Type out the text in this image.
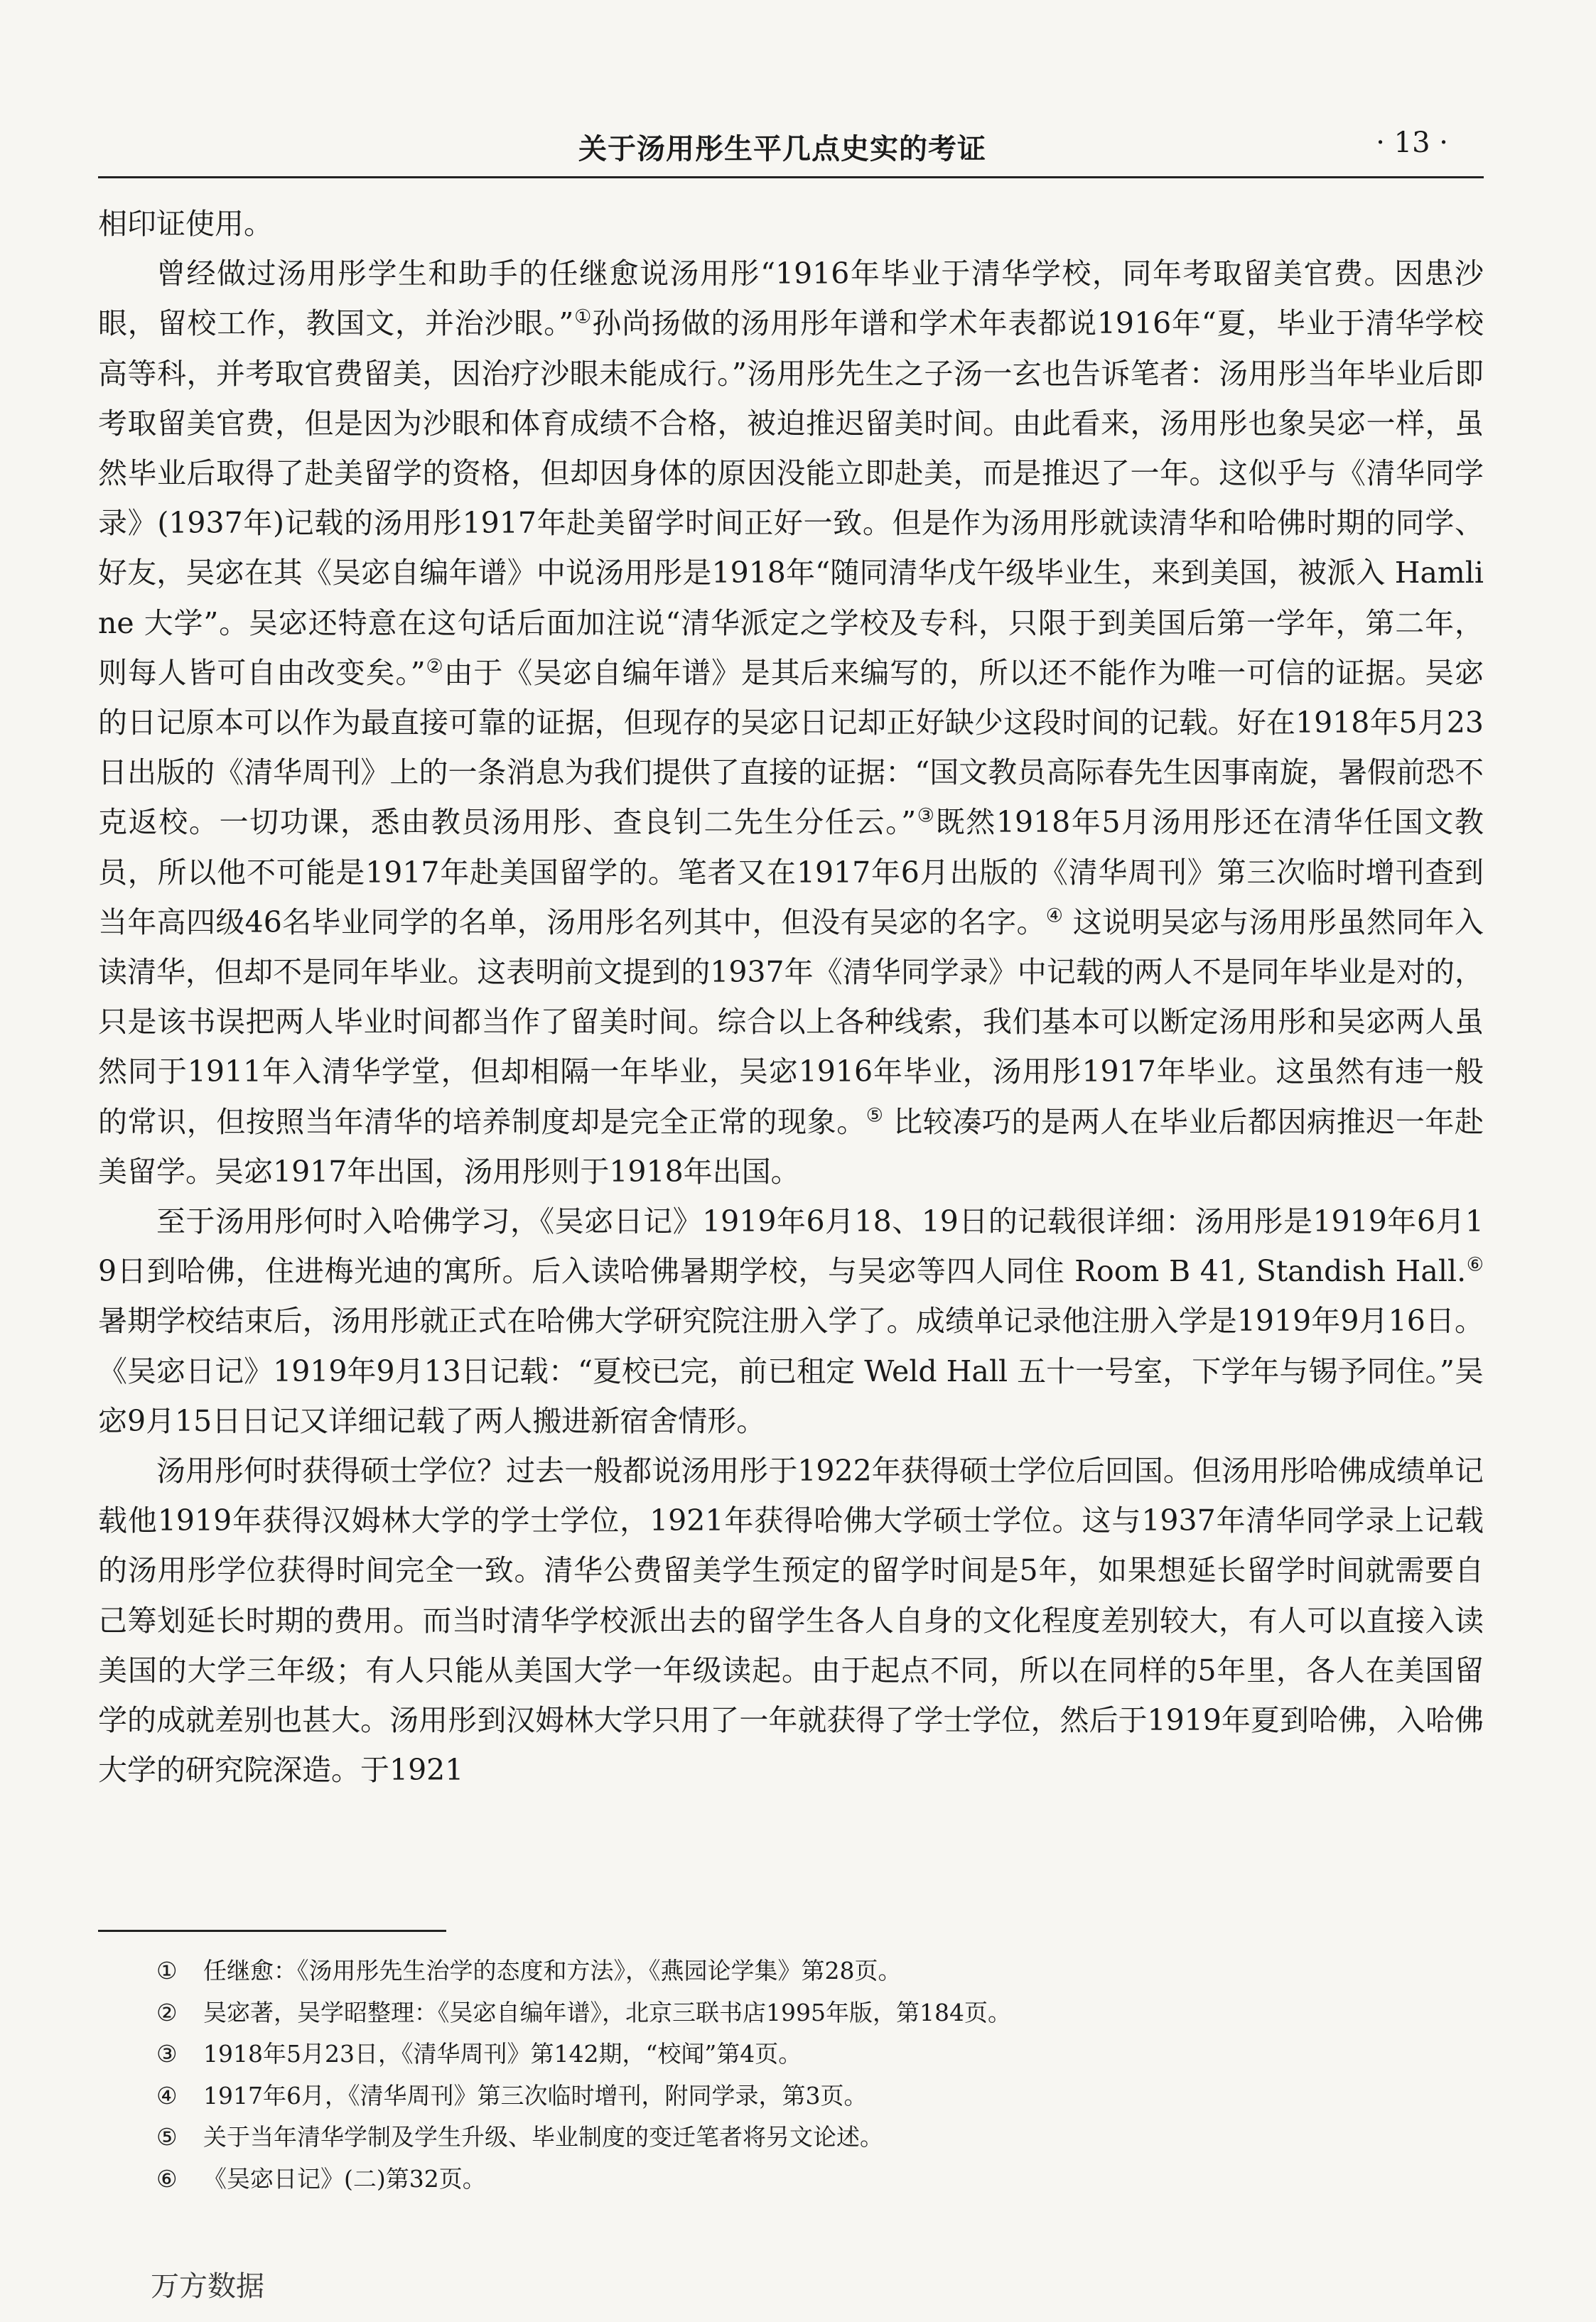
关于汤用彤生平几点史实的考证	· 13 ·

相印证使用。

曾经做过汤用彤学生和助手的任继愈说汤用彤“1916年毕业于清华学校，同年考取留美官费。因患沙眼，留校工作，教国文，并治沙眼。”①孙尚扬做的汤用彤年谱和学术年表都说1916年“夏，毕业于清华学校高等科，并考取官费留美，因治疗沙眼未能成行。”汤用彤先生之子汤一玄也告诉笔者：汤用彤当年毕业后即考取留美官费，但是因为沙眼和体育成绩不合格，被迫推迟留美时间。由此看来，汤用彤也象吴宓一样，虽然毕业后取得了赴美留学的资格，但却因身体的原因没能立即赴美，而是推迟了一年。这似乎与《清华同学录》(1937年)记载的汤用彤1917年赴美留学时间正好一致。但是作为汤用彤就读清华和哈佛时期的同学、好友，吴宓在其《吴宓自编年谱》中说汤用彤是1918年“随同清华戊午级毕业生，来到美国，被派入 Hamline 大学”。吴宓还特意在这句话后面加注说“清华派定之学校及专科，只限于到美国后第一学年，第二年，则每人皆可自由改变矣。”②由于《吴宓自编年谱》是其后来编写的，所以还不能作为唯一可信的证据。吴宓的日记原本可以作为最直接可靠的证据，但现存的吴宓日记却正好缺少这段时间的记载。好在1918年5月23日出版的《清华周刊》上的一条消息为我们提供了直接的证据：“国文教员高际春先生因事南旋，暑假前恐不克返校。一切功课，悉由教员汤用彤、查良钊二先生分任云。”③既然1918年5月汤用彤还在清华任国文教员，所以他不可能是1917年赴美国留学的。笔者又在1917年6月出版的《清华周刊》第三次临时增刊查到当年高四级46名毕业同学的名单，汤用彤名列其中，但没有吴宓的名字。④ 这说明吴宓与汤用彤虽然同年入读清华，但却不是同年毕业。这表明前文提到的1937年《清华同学录》中记载的两人不是同年毕业是对的，只是该书误把两人毕业时间都当作了留美时间。综合以上各种线索，我们基本可以断定汤用彤和吴宓两人虽然同于1911年入清华学堂，但却相隔一年毕业，吴宓1916年毕业，汤用彤1917年毕业。这虽然有违一般的常识，但按照当年清华的培养制度却是完全正常的现象。⑤ 比较凑巧的是两人在毕业后都因病推迟一年赴美留学。吴宓1917年出国，汤用彤则于1918年出国。

至于汤用彤何时入哈佛学习，《吴宓日记》1919年6月18、19日的记载很详细：汤用彤是1919年6月19日到哈佛，住进梅光迪的寓所。后入读哈佛暑期学校，与吴宓等四人同住 Room B 41, Standish Hall.⑥ 暑期学校结束后，汤用彤就正式在哈佛大学研究院注册入学了。成绩单记录他注册入学是1919年9月16日。《吴宓日记》1919年9月13日记载：“夏校已完，前已租定 Weld Hall 五十一号室，下学年与锡予同住。”吴宓9月15日日记又详细记载了两人搬进新宿舍情形。

汤用彤何时获得硕士学位？过去一般都说汤用彤于1922年获得硕士学位后回国。但汤用彤哈佛成绩单记载他1919年获得汉姆林大学的学士学位，1921年获得哈佛大学硕士学位。这与1937年清华同学录上记载的汤用彤学位获得时间完全一致。清华公费留美学生预定的留学时间是5年，如果想延长留学时间就需要自己筹划延长时期的费用。而当时清华学校派出去的留学生各人自身的文化程度差别较大，有人可以直接入读美国的大学三年级；有人只能从美国大学一年级读起。由于起点不同，所以在同样的5年里，各人在美国留学的成就差别也甚大。汤用彤到汉姆林大学只用了一年就获得了学士学位，然后于1919年夏到哈佛，入哈佛大学的研究院深造。于1921

①	任继愈：《汤用彤先生治学的态度和方法》，《燕园论学集》第28页。
②	吴宓著，吴学昭整理：《吴宓自编年谱》，北京三联书店1995年版，第184页。
③	1918年5月23日，《清华周刊》第142期，“校闻”第4页。
④	1917年6月，《清华周刊》第三次临时增刊，附同学录，第3页。
⑤	关于当年清华学制及学生升级、毕业制度的变迁笔者将另文论述。
⑥	《吴宓日记》(二)第32页。
万方数据
